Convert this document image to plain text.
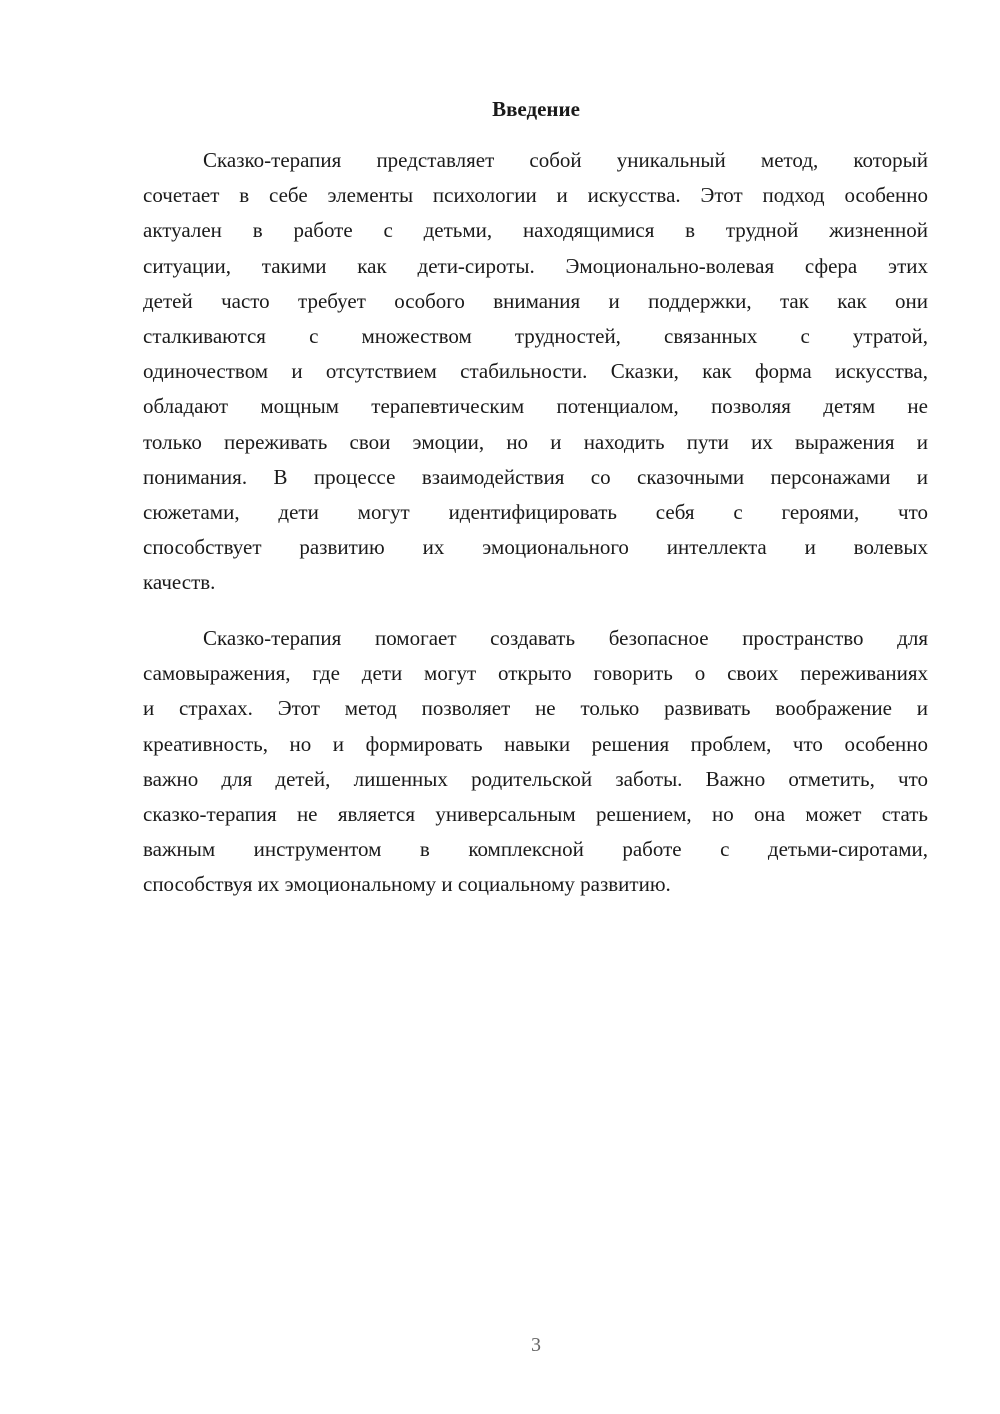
Введение
Сказко-терапия представляет собой уникальный метод, который
сочетает в себе элементы психологии и искусства. Этот подход особенно
актуален в работе с детьми, находящимися в трудной жизненной
ситуации, такими как дети-сироты. Эмоционально-волевая сфера этих
детей часто требует особого внимания и поддержки, так как они
сталкиваются с множеством трудностей, связанных с утратой,
одиночеством и отсутствием стабильности. Сказки, как форма искусства,
обладают мощным терапевтическим потенциалом, позволяя детям не
только переживать свои эмоции, но и находить пути их выражения и
понимания. В процессе взаимодействия со сказочными персонажами и
сюжетами, дети могут идентифицировать себя с героями, что
способствует развитию их эмоционального интеллекта и волевых
качеств.
Сказко-терапия помогает создавать безопасное пространство для
самовыражения, где дети могут открыто говорить о своих переживаниях
и страхах. Этот метод позволяет не только развивать воображение и
креативность, но и формировать навыки решения проблем, что особенно
важно для детей, лишенных родительской заботы. Важно отметить, что
сказко-терапия не является универсальным решением, но она может стать
важным инструментом в комплексной работе с детьми-сиротами,
способствуя их эмоциональному и социальному развитию.
3
